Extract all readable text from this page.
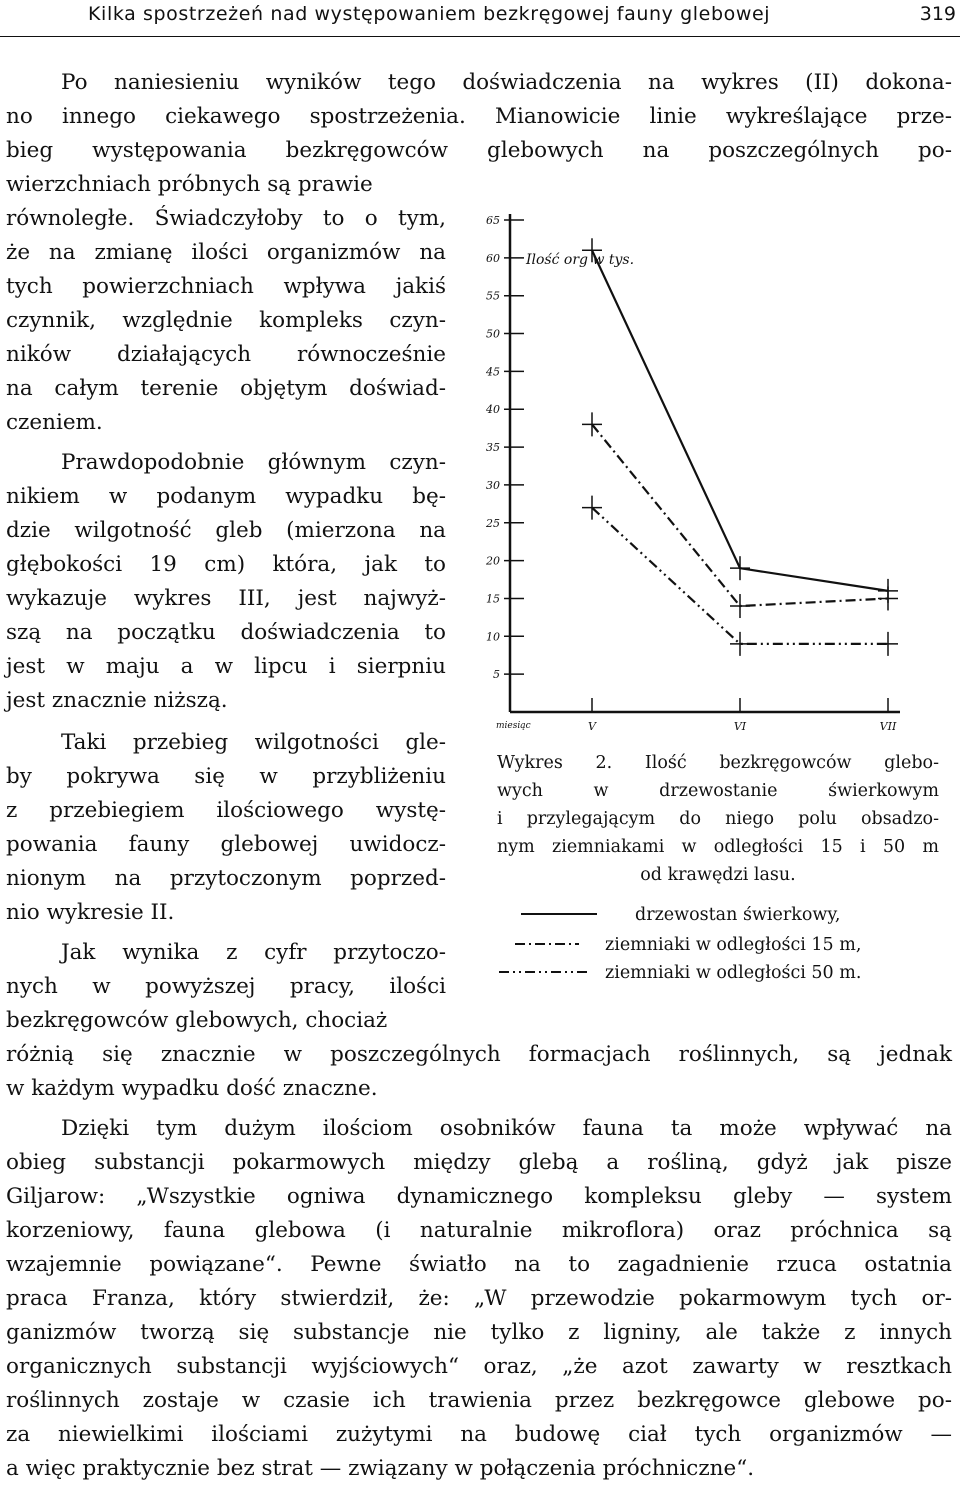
Kilka spostrzeżeń nad występowaniem bezkręgowej fauny glebowej	319
Po naniesieniu wyników tego doświadczenia na wykres (II) dokona-
no innego ciekawego spostrzeżenia. Mianowicie linie wykreślające prze-
bieg występowania bezkręgowców glebowych na poszczególnych po-
wierzchniach próbnych są prawie
równoległe. Świadczyłoby to o tym,
że na zmianę ilości organizmów na
tych powierzchniach wpływa jakiś
czynnik, względnie kompleks czyn-
ników działających równocześnie
na całym terenie objętym doświad-
czeniem.
Prawdopodobnie głównym czyn-
nikiem w podanym wypadku bę-
dzie wilgotność gleb (mierzona na
głębokości 19 cm) która, jak to
wykazuje wykres III, jest najwyż-
szą na początku doświadczenia to
jest w maju a w lipcu i sierpniu
jest znacznie niższą.
Taki przebieg wilgotności gle-
by pokrywa się w przybliżeniu
z przebiegiem ilościowego wystę-
powania fauny glebowej uwidocz-
nionym na przytoczonym poprzed-
nio wykresie II.
Jak wynika z cyfr przytoczo-
nych w powyższej pracy, ilości
bezkręgowców glebowych, chociaż
różnią się znacznie w poszczególnych formacjach roślinnych, są jednak
w każdym wypadku dość znaczne.
Dzięki tym dużym ilościom osobników fauna ta może wpływać na
obieg substancji pokarmowych między glebą a rośliną, gdyż jak pisze
Giljarow: „Wszystkie ogniwa dynamicznego kompleksu gleby — system
korzeniowy, fauna glebowa (i naturalnie mikroflora) oraz próchnica są
wzajemnie powiązane“. Pewne światło na to zagadnienie rzuca ostatnia
praca Franza, który stwierdził, że: „W przewodzie pokarmowym tych or-
ganizmów tworzą się substancje nie tylko z ligniny, ale także z innych
organicznych substancji wyjściowych“ oraz, „że azot zawarty w resztkach
roślinnych zostaje w czasie ich trawienia przez bezkręgowce glebowe po-
za niewielkimi ilościami zużytymi na budowę ciał tych organizmów —
a więc praktycznie bez strat — związany w połączenia próchniczne“.
5
10
15
20
25
30
35
40
45
50
55
60
65
Ilość org w tys.
miesiąc	V	VI	VII
Wykres 2. Ilość bezkręgowców glebo-
wych w drzewostanie świerkowym
i przylegającym do niego polu obsadzo-
nym ziemniakami w odległości 15 i 50 m
od krawędzi lasu.
drzewostan świerkowy,
ziemniaki w odległości 15 m,
ziemniaki w odległości 50 m.
